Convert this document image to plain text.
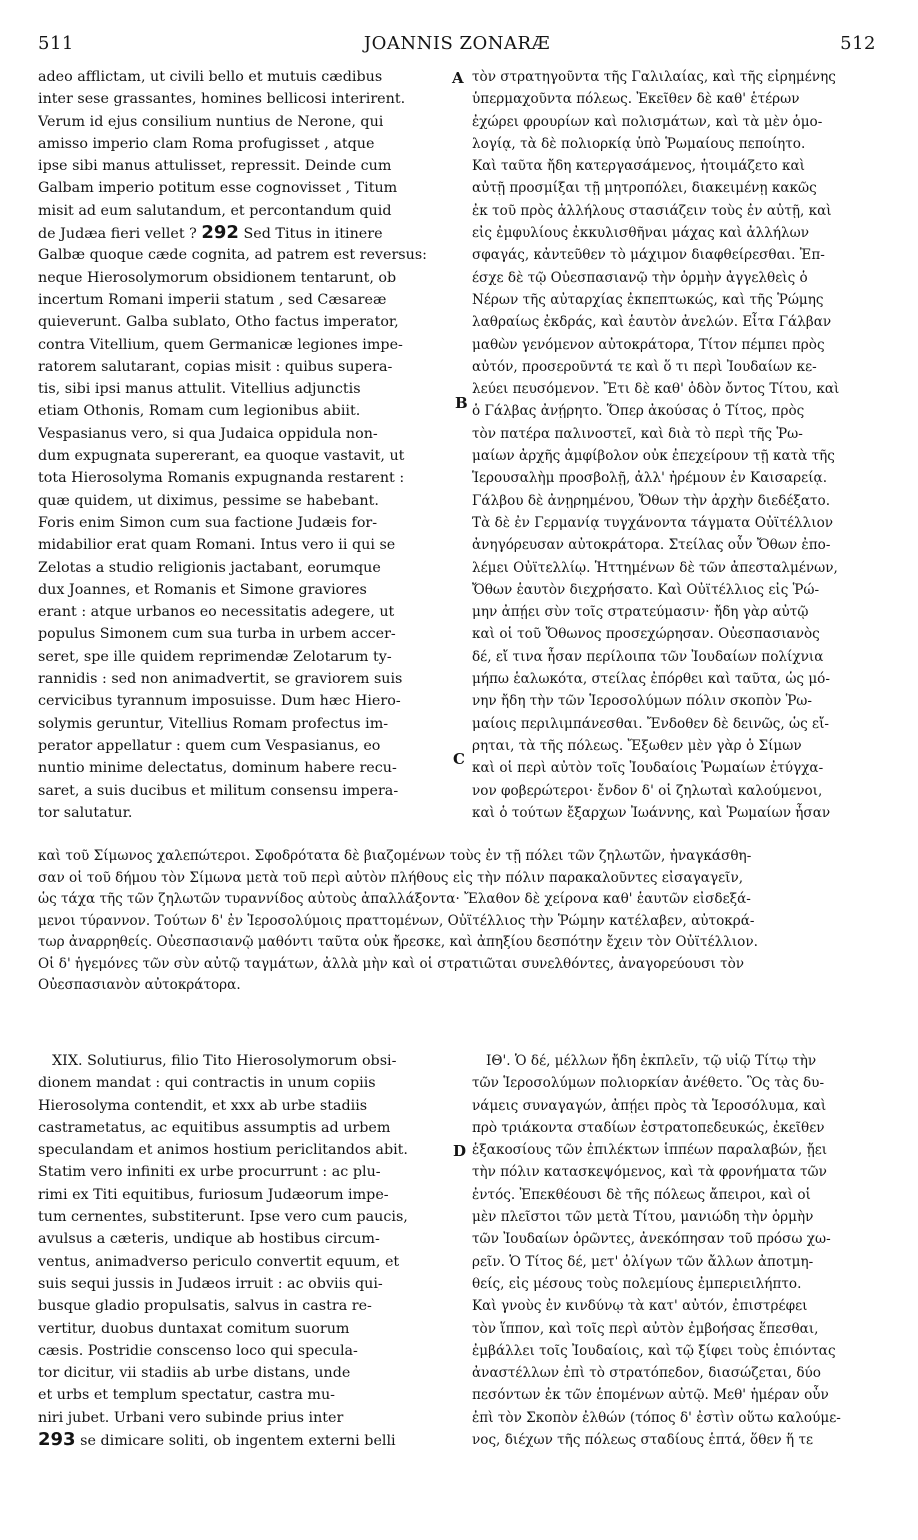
511	JOANNIS ZONARÆ	512
A
B
C
D
adeo afflictam, ut civili bello et mutuis cædibus
inter sese grassantes, homines bellicosi interirent.
Verum id ejus consilium nuntius de Nerone, qui
amisso imperio clam Roma profugisset , atque
ipse sibi manus attulisset, repressit. Deinde cum
Galbam imperio potitum esse cognovisset , Titum
misit ad eum salutandum, et percontandum quid
de Judæa fieri vellet ? 292 Sed Titus in itinere
Galbæ quoque cæde cognita, ad patrem est reversus:
neque Hierosolymorum obsidionem tentarunt, ob
incertum Romani imperii statum , sed Cæsareæ
quieverunt. Galba sublato, Otho factus imperator,
contra Vitellium, quem Germanicæ legiones impe-
ratorem salutarant, copias misit : quibus supera-
tis, sibi ipsi manus attulit. Vitellius adjunctis
etiam Othonis, Romam cum legionibus abiit.
Vespasianus vero, si qua Judaica oppidula non-
dum expugnata supererant, ea quoque vastavit, ut
tota Hierosolyma Romanis expugnanda restarent :
quæ quidem, ut diximus, pessime se habebant.
Foris enim Simon cum sua factione Judæis for-
midabilior erat quam Romani. Intus vero ii qui se
Zelotas a studio religionis jactabant, eorumque
dux Joannes, et Romanis et Simone graviores
erant : atque urbanos eo necessitatis adegere, ut
populus Simonem cum sua turba in urbem accer-
seret, spe ille quidem reprimendæ Zelotarum ty-
rannidis : sed non animadvertit, se graviorem suis
cervicibus tyrannum imposuisse. Dum hæc Hiero-
solymis geruntur, Vitellius Romam profectus im-
perator appellatur : quem cum Vespasianus, eo
nuntio minime delectatus, dominum habere recu-
saret, a suis ducibus et militum consensu impera-
tor salutatur.
τὸν στρατηγοῦντα τῆς Γαλιλαίας, καὶ τῆς εἰρημένης
ὑπερμαχοῦντα πόλεως. Ἐκεῖθεν δὲ καθ' ἑτέρων
ἐχώρει φρουρίων καὶ πολισμάτων, καὶ τὰ μὲν ὁμο-
λογίᾳ, τὰ δὲ πολιορκίᾳ ὑπὸ Ῥωμαίους πεποίητο.
Καὶ ταῦτα ἤδη κατεργασάμενος, ἡτοιμάζετο καὶ
αὐτῇ προσμίξαι τῇ μητροπόλει, διακειμένῃ κακῶς
ἐκ τοῦ πρὸς ἀλλήλους στασιάζειν τοὺς ἐν αὐτῇ, καὶ
εἰς ἐμφυλίους ἐκκυλισθῆναι μάχας καὶ ἀλλήλων
σφαγάς, κἀντεῦθεν τὸ μάχιμον διαφθείρεσθαι. Ἐπ-
έσχε δὲ τῷ Οὐεσπασιανῷ τὴν ὁρμὴν ἀγγελθεὶς ὁ
Νέρων τῆς αὐταρχίας ἐκπεπτωκώς, καὶ τῆς Ῥώμης
λαθραίως ἐκδράς, καὶ ἑαυτὸν ἀνελών. Εἶτα Γάλβαν
μαθὼν γενόμενον αὐτοκράτορα, Τίτον πέμπει πρὸς
αὐτόν, προσεροῦντά τε καὶ ὅ τι περὶ Ἰουδαίων κε-
λεύει πευσόμενον. Ἔτι δὲ καθ' ὁδὸν ὄντος Τίτου, καὶ
ὁ Γάλβας ἀνῄρητο. Ὅπερ ἀκούσας ὁ Τίτος, πρὸς
τὸν πατέρα παλινοστεῖ, καὶ διὰ τὸ περὶ τῆς Ῥω-
μαίων ἀρχῆς ἀμφίβολον οὐκ ἐπεχείρουν τῇ κατὰ τῆς
Ἱερουσαλὴμ προσβολῇ, ἀλλ' ἠρέμουν ἐν Καισαρείᾳ.
Γάλβου δὲ ἀνῃρημένου, Ὄθων τὴν ἀρχὴν διεδέξατο.
Τὰ δὲ ἐν Γερμανίᾳ τυγχάνοντα τάγματα Οὐϊτέλλιον
ἀνηγόρευσαν αὐτοκράτορα. Στείλας οὖν Ὄθων ἐπο-
λέμει Οὐϊτελλίῳ. Ἡττημένων δὲ τῶν ἀπεσταλμένων,
Ὄθων ἑαυτὸν διεχρήσατο. Καὶ Οὐϊτέλλιος εἰς Ῥώ-
μην ἀπῄει σὺν τοῖς στρατεύμασιν· ἤδη γὰρ αὐτῷ
καὶ οἱ τοῦ Ὄθωνος προσεχώρησαν. Οὐεσπασιανὸς
δέ, εἴ τινα ἦσαν περίλοιπα τῶν Ἰουδαίων πολίχνια
μήπω ἑαλωκότα, στείλας ἐπόρθει καὶ ταῦτα, ὡς μό-
νην ἤδη τὴν τῶν Ἱεροσολύμων πόλιν σκοπὸν Ῥω-
μαίοις περιλιμπάνεσθαι. Ἔνδοθεν δὲ δεινῶς, ὡς εἴ-
ρηται, τὰ τῆς πόλεως. Ἔξωθεν μὲν γὰρ ὁ Σίμων
καὶ οἱ περὶ αὐτὸν τοῖς Ἰουδαίοις Ῥωμαίων ἐτύγχα-
νον φοβερώτεροι· ἔνδον δ' οἱ ζηλωταὶ καλούμενοι,
καὶ ὁ τούτων ἔξαρχων Ἰωάννης, καὶ Ῥωμαίων ἦσαν
καὶ τοῦ Σίμωνος χαλεπώτεροι. Σφοδρότατα δὲ βιαζομένων τοὺς ἐν τῇ πόλει τῶν ζηλωτῶν, ἠναγκάσθη-
σαν οἱ τοῦ δήμου τὸν Σίμωνα μετὰ τοῦ περὶ αὐτὸν πλήθους εἰς τὴν πόλιν παρακαλοῦντες εἰσαγαγεῖν,
ὡς τάχα τῆς τῶν ζηλωτῶν τυραννίδος αὐτοὺς ἀπαλλάξοντα· Ἔλαθον δὲ χείρονα καθ' ἑαυτῶν εἰσδεξά-
μενοι τύραννον. Τούτων δ' ἐν Ἱεροσολύμοις πραττομένων, Οὐϊτέλλιος τὴν Ῥώμην κατέλαβεν, αὐτοκρά-
τωρ ἀναρρηθείς. Οὐεσπασιανῷ μαθόντι ταῦτα οὐκ ἤρεσκε, καὶ ἀπηξίου δεσπότην ἔχειν τὸν Οὐϊτέλλιον.
Οἱ δ' ἡγεμόνες τῶν σὺν αὐτῷ ταγμάτων, ἀλλὰ μὴν καὶ οἱ στρατιῶται συνελθόντες, ἀναγορεύουσι τὸν
Οὐεσπασιανὸν αὐτοκράτορα.
XIX. Solutiurus, filio Tito Hierosolymorum obsi-
dionem mandat : qui contractis in unum copiis
Hierosolyma contendit, et xxx ab urbe stadiis
castrametatus, ac equitibus assumptis ad urbem
speculandam et animos hostium periclitandos abit.
Statim vero infiniti ex urbe procurrunt : ac plu-
rimi ex Titi equitibus, furiosum Judæorum impe-
tum cernentes, substiterunt. Ipse vero cum paucis,
avulsus a cæteris, undique ab hostibus circum-
ventus, animadverso periculo convertit equum, et
suis sequi jussis in Judæos irruit : ac obviis qui-
busque gladio propulsatis, salvus in castra re-
vertitur, duobus duntaxat comitum suorum
cæsis. Postridie conscenso loco qui specula-
tor dicitur, vii stadiis ab urbe distans, unde
et urbs et templum spectatur, castra mu-
niri jubet. Urbani vero subinde prius inter
293 se dimicare soliti, ob ingentem externi belli
ΙΘ'. Ὁ δέ, μέλλων ἤδη ἐκπλεῖν, τῷ υἱῷ Τίτῳ τὴν
τῶν Ἱεροσολύμων πολιορκίαν ἀνέθετο. Ὃς τὰς δυ-
νάμεις συναγαγών, ἀπῄει πρὸς τὰ Ἱεροσόλυμα, καὶ
πρὸ τριάκοντα σταδίων ἐστρατοπεδευκώς, ἐκεῖθεν
ἑξακοσίους τῶν ἐπιλέκτων ἱππέων παραλαβών, ᾔει
τὴν πόλιν κατασκεψόμενος, καὶ τὰ φρονήματα τῶν
ἐντός. Ἐπεκθέουσι δὲ τῆς πόλεως ἄπειροι, καὶ οἱ
μὲν πλεῖστοι τῶν μετὰ Τίτου, μανιώδη τὴν ὁρμὴν
τῶν Ἰουδαίων ὁρῶντες, ἀνεκόπησαν τοῦ πρόσω χω-
ρεῖν. Ὁ Τίτος δέ, μετ' ὀλίγων τῶν ἄλλων ἀποτμη-
θείς, εἰς μέσους τοὺς πολεμίους ἐμπεριειλήπτο.
Καὶ γνοὺς ἐν κινδύνῳ τὰ κατ' αὐτόν, ἐπιστρέφει
τὸν ἵππον, καὶ τοῖς περὶ αὐτὸν ἐμβοήσας ἕπεσθαι,
ἐμβάλλει τοῖς Ἰουδαίοις, καὶ τῷ ξίφει τοὺς ἐπιόντας
ἀναστέλλων ἐπὶ τὸ στρατόπεδον, διασώζεται, δύο
πεσόντων ἐκ τῶν ἑπομένων αὐτῷ. Μεθ' ἡμέραν οὖν
ἐπὶ τὸν Σκοπὸν ἐλθών (τόπος δ' ἐστὶν οὕτω καλούμε-
νος, διέχων τῆς πόλεως σταδίους ἑπτά, ὅθεν ἥ τε
